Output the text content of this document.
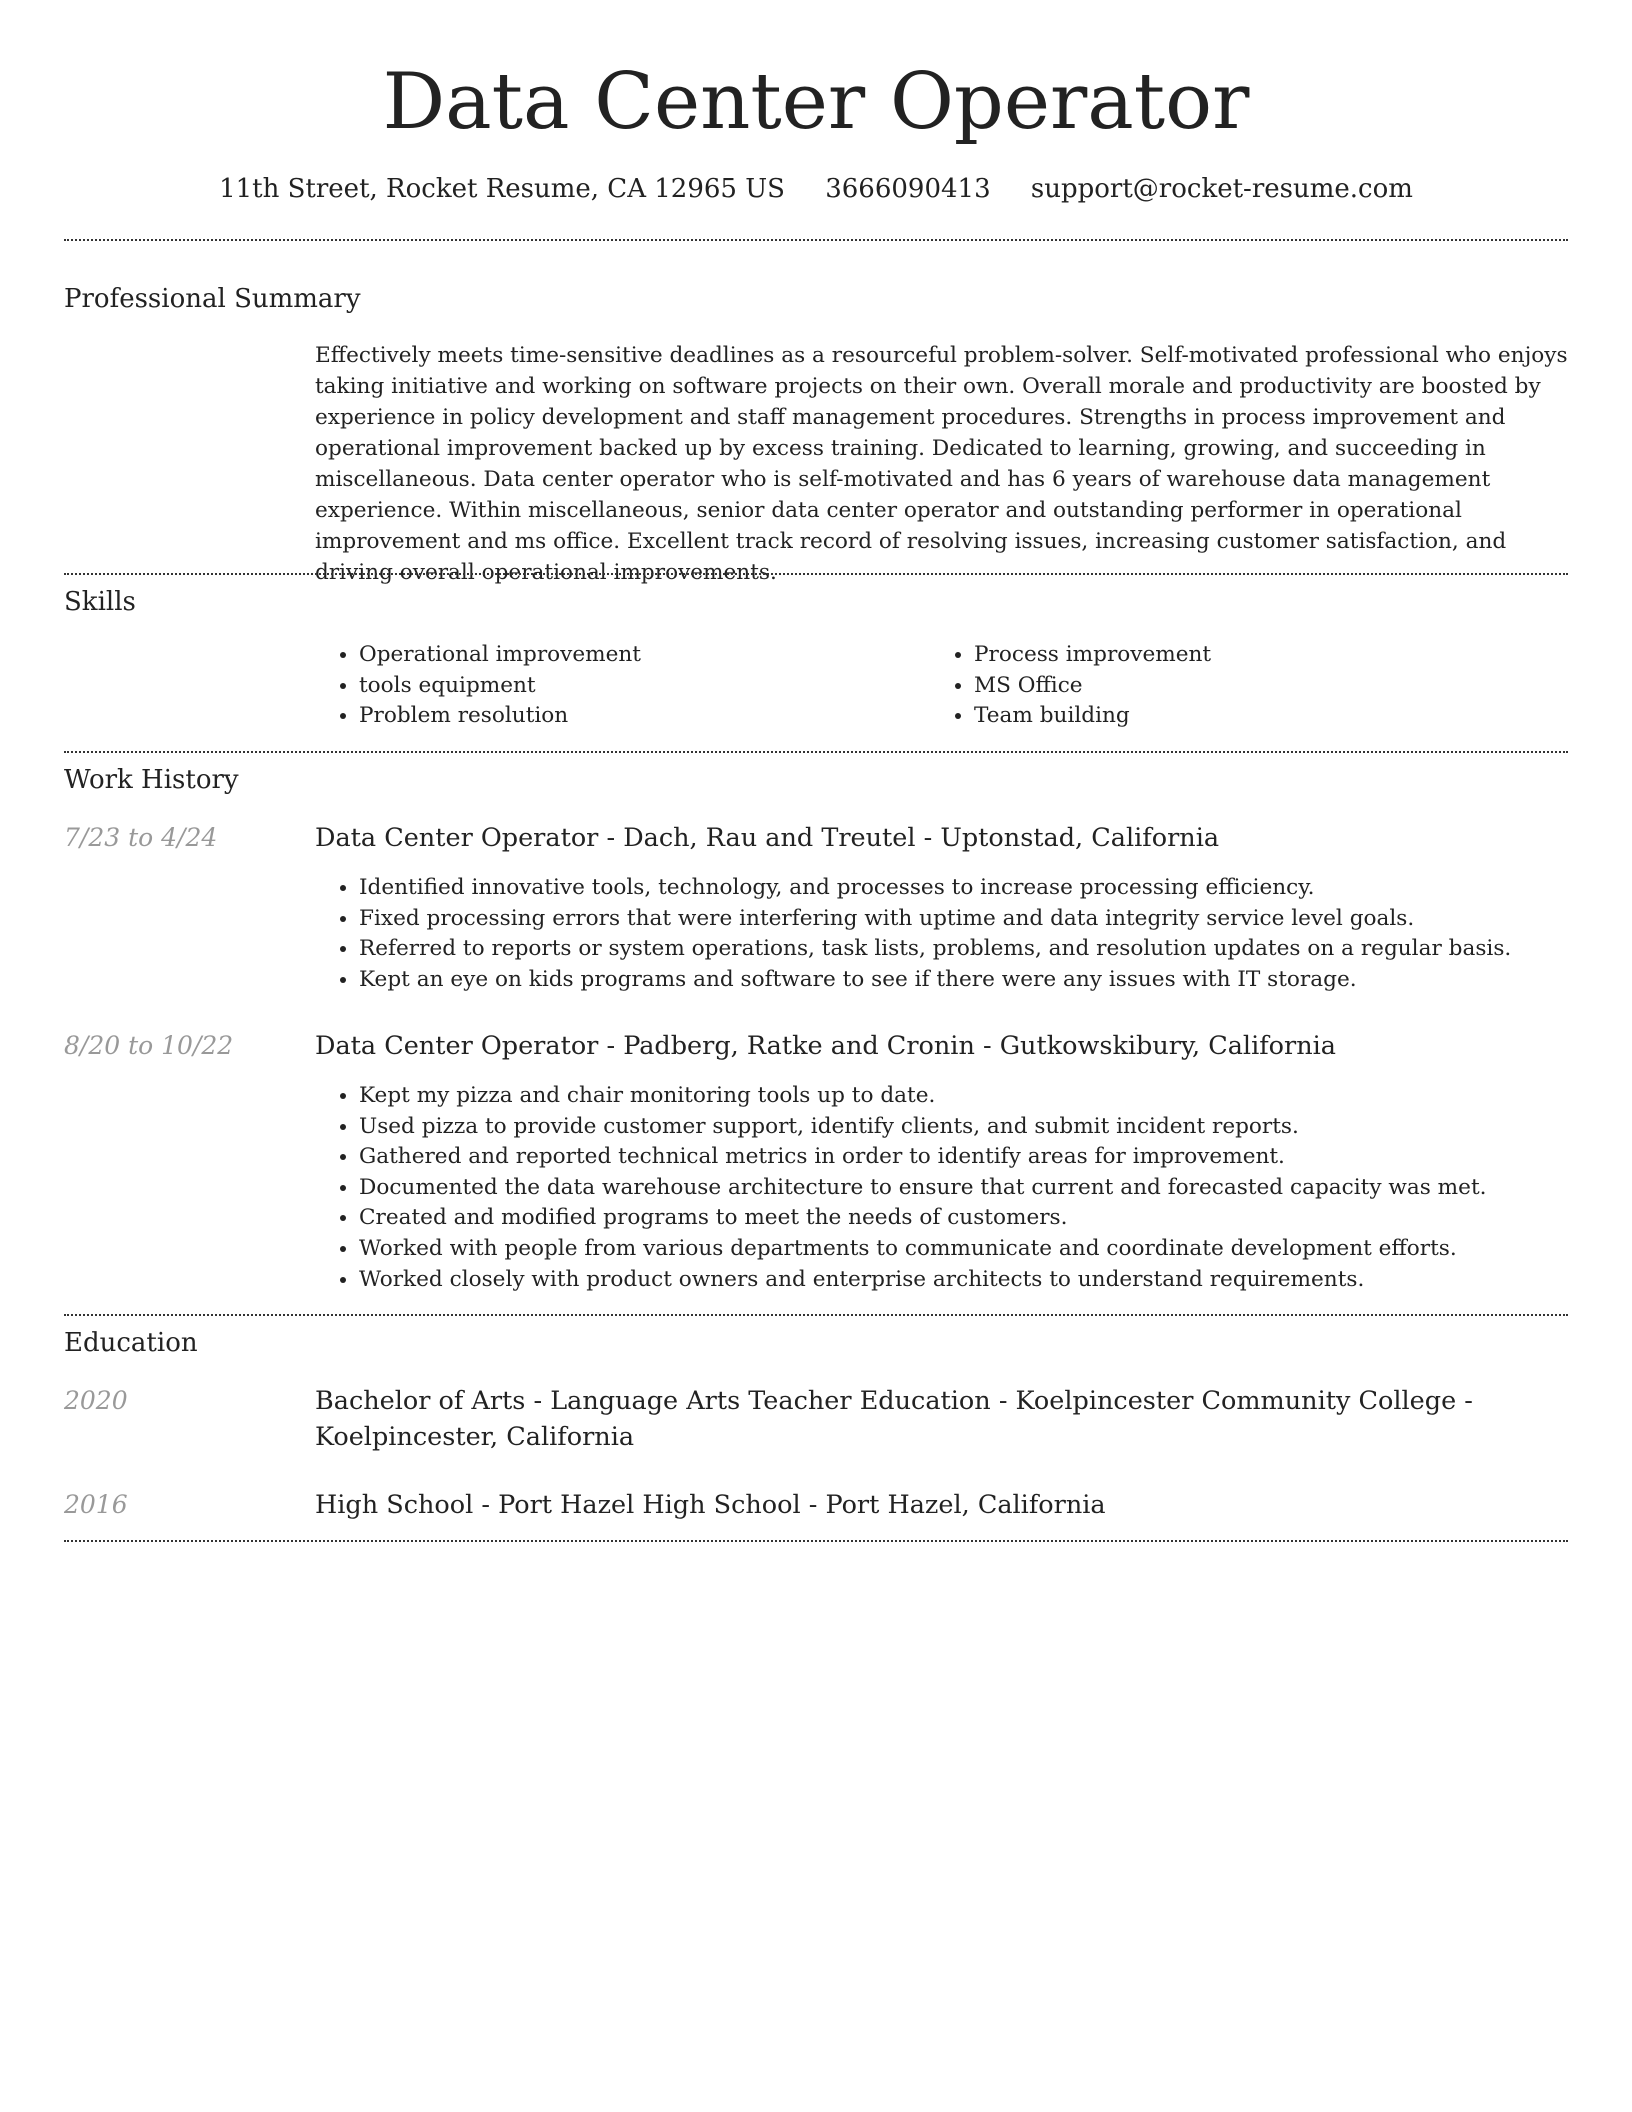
Data Center Operator
11th Street, Rocket Resume, CA 12965 US 3666090413 support@rocket-resume.com
Professional Summary

Effectively meets time-sensitive deadlines as a resourceful problem-solver. Self-motivated professional who enjoys taking initiative and working on software projects on their own. Overall morale and productivity are boosted by experience in policy development and staff management procedures. Strengths in process improvement and operational improvement backed up by excess training. Dedicated to learning, growing, and succeeding in miscellaneous. Data center operator who is self-motivated and has 6 years of warehouse data management experience. Within miscellaneous, senior data center operator and outstanding performer in operational improvement and ms office. Excellent track record of resolving issues, increasing customer satisfaction, and driving overall operational improvements.

Skills
• Operational improvement
• tools equipment
• Problem resolution
• Process improvement
• MS Office
• Team building
Work History
7/23 to 4/24	Data Center Operator - Dach, Rau and Treutel - Uptonstad, California
• Identified innovative tools, technology, and processes to increase processing efficiency.
• Fixed processing errors that were interfering with uptime and data integrity service level goals.
• Referred to reports or system operations, task lists, problems, and resolution updates on a regular basis.
• Kept an eye on kids programs and software to see if there were any issues with IT storage.
8/20 to 10/22	Data Center Operator - Padberg, Ratke and Cronin - Gutkowskibury, California
• Kept my pizza and chair monitoring tools up to date.
• Used pizza to provide customer support, identify clients, and submit incident reports.
• Gathered and reported technical metrics in order to identify areas for improvement.
• Documented the data warehouse architecture to ensure that current and forecasted capacity was met.
• Created and modified programs to meet the needs of customers.
• Worked with people from various departments to communicate and coordinate development efforts.
• Worked closely with product owners and enterprise architects to understand requirements.
Education
2020	Bachelor of Arts - Language Arts Teacher Education - Koelpincester Community College - Koelpincester, California
2016	High School - Port Hazel High School - Port Hazel, California
